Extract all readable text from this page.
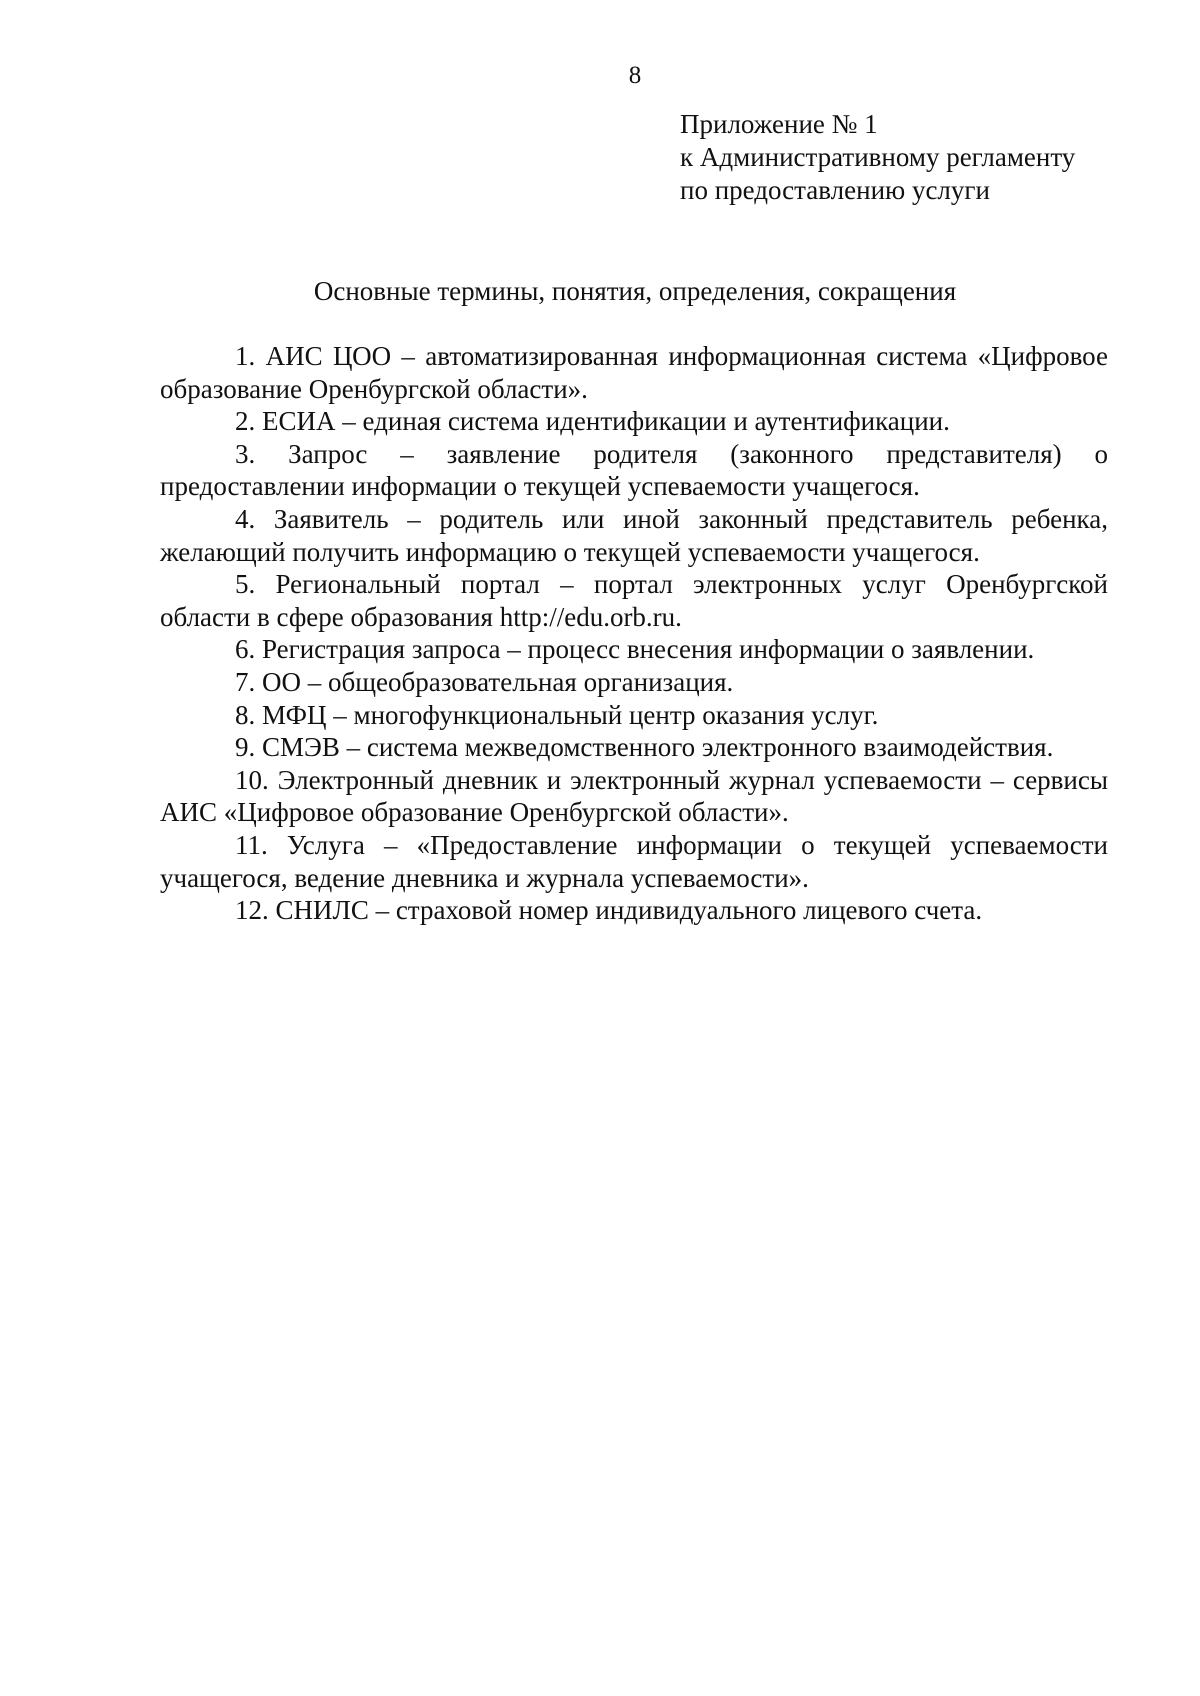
8
Приложение № 1
к Административному регламенту
по предоставлению услуги
Основные термины, понятия, определения, сокращения

1. АИС ЦОО – автоматизированная информационная система «Цифровое образование Оренбургской области».

2. ЕСИА – единая система идентификации и аутентификации.

3. Запрос – заявление родителя (законного представителя) о предоставлении информации о текущей успеваемости учащегося.

4. Заявитель – родитель или иной законный представитель ребенка, желающий получить информацию о текущей успеваемости учащегося.

5. Региональный портал – портал электронных услуг Оренбургской области в сфере образования http://edu.orb.ru.

6. Регистрация запроса – процесс внесения информации о заявлении.

7. ОО – общеобразовательная организация.

8. МФЦ – многофункциональный центр оказания услуг.

9. СМЭВ – система межведомственного электронного взаимодействия.

10. Электронный дневник и электронный журнал успеваемости – сервисы АИС «Цифровое образование Оренбургской области».

11. Услуга – «Предоставление информации о текущей успеваемости учащегося, ведение дневника и журнала успеваемости».

12. СНИЛС – страховой номер индивидуального лицевого счета.
